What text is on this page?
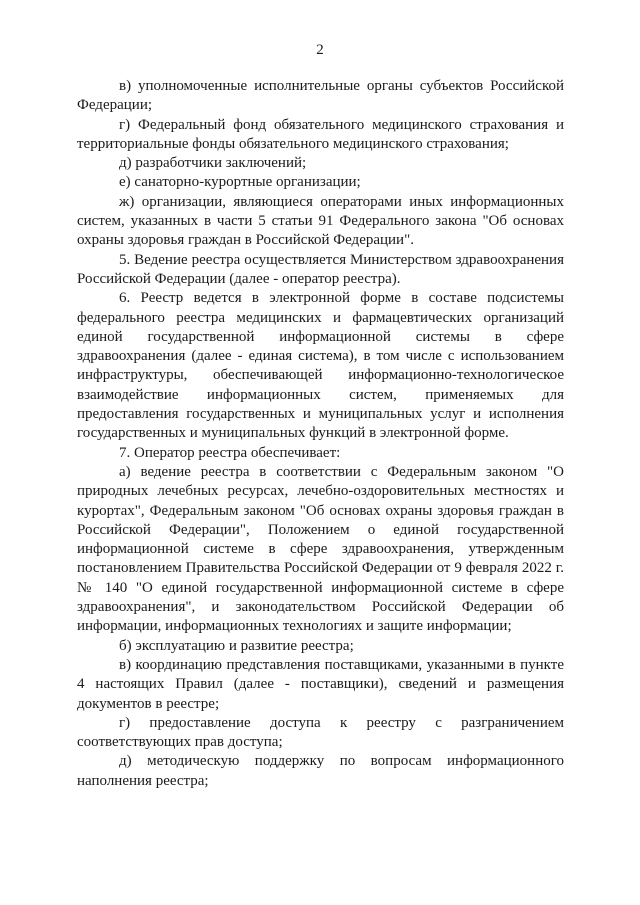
2

в) уполномоченные исполнительные органы субъектов Российской Федерации;

г) Федеральный фонд обязательного медицинского страхования и территориальные фонды обязательного медицинского страхования;

д) разработчики заключений;

е) санаторно-курортные организации;

ж) организации, являющиеся операторами иных информационных систем, указанных в части 5 статьи 91 Федерального закона "Об основах охраны здоровья граждан в Российской Федерации".

5. Ведение реестра осуществляется Министерством здравоохранения Российской Федерации (далее - оператор реестра).

6. Реестр ведется в электронной форме в составе подсистемы федерального реестра медицинских и фармацевтических организаций единой государственной информационной системы в сфере здравоохранения (далее - единая система), в том числе с использованием инфраструктуры, обеспечивающей информационно-технологическое взаимодействие информационных систем, применяемых для предоставления государственных и муниципальных услуг и исполнения государственных и муниципальных функций в электронной форме.

7. Оператор реестра обеспечивает:

а) ведение реестра в соответствии с Федеральным законом "О природных лечебных ресурсах, лечебно-оздоровительных местностях и курортах", Федеральным законом "Об основах охраны здоровья граждан в Российской Федерации", Положением о единой государственной информационной системе в сфере здравоохранения, утвержденным постановлением Правительства Российской Федерации от 9 февраля 2022 г. № 140 "О единой государственной информационной системе в сфере здравоохранения", и законодательством Российской Федерации об информации, информационных технологиях и защите информации;

б) эксплуатацию и развитие реестра;

в) координацию представления поставщиками, указанными в пункте 4 настоящих Правил (далее - поставщики), сведений и размещения документов в реестре;

г) предоставление доступа к реестру с разграничением соответствующих прав доступа;

д) методическую поддержку по вопросам информационного наполнения реестра;
